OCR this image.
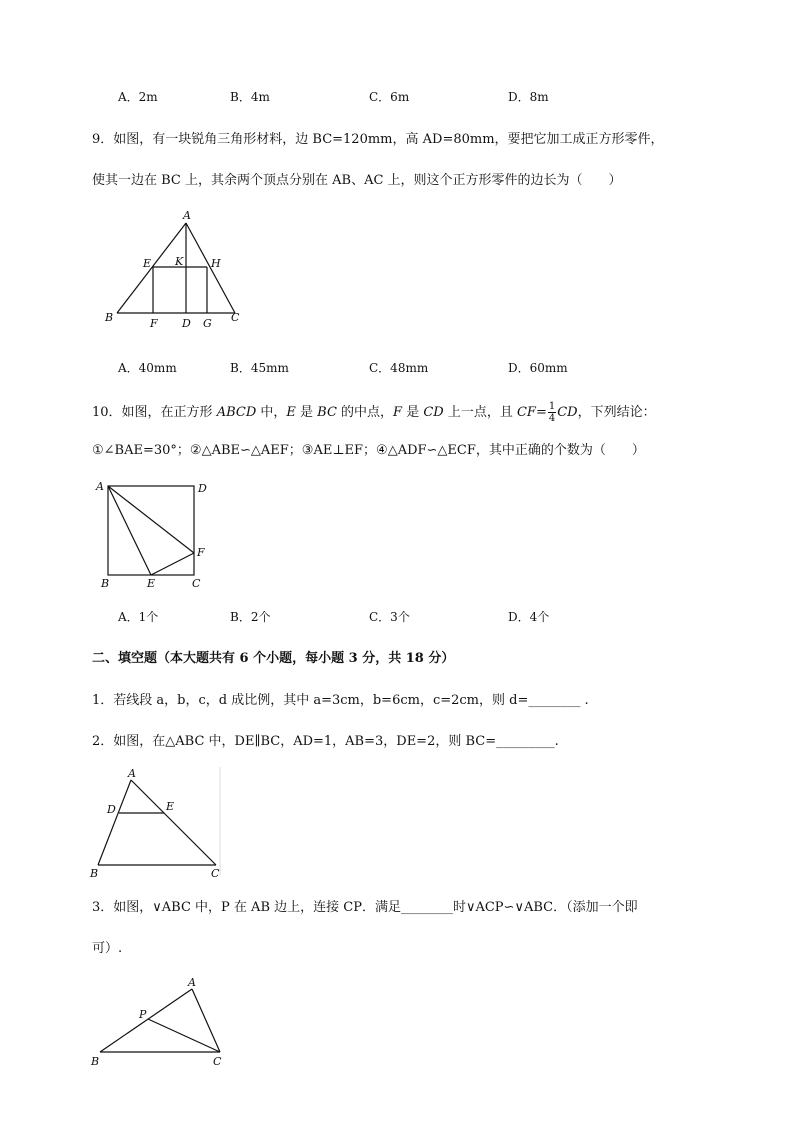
A．2m	B．4m	C．6m	D．8m
9．如图，有一块锐角三角形材料，边 BC=120mm，高 AD=80mm，要把它加工成正方形零件，
使其一边在 BC 上，其余两个顶点分别在 AB、AC 上，则这个正方形零件的边长为（　　）
A
E K	H
B	F D G C
A．40mm	B．45mm	C．48mm	D．60mm
10．如图，在正方形 ABCD 中，E 是 BC 的中点，F 是 CD 上一点，且 $CF= \frac{1}{4}$ CD，下列结论：
①∠BAE=30°；②△ABE∽△AEF；③AE⊥EF；④△ADF∽△ECF，其中正确的个数为（　　）
A	D
F
B	E	C
A．1个	B．2个	C．3个	D．4个
二、填空题（本大题共有 6 个小题，每小题 3 分，共 18 分）
1．若线段 a，b，c，d 成比例，其中 a=3cm，b=6cm，c=2cm，则 d=________ .
2．如图，在△ABC 中，DE∥BC，AD=1，AB=3，DE=2，则 BC=_________.
A
D	E
B	C
3．如图，∨ABC 中，P 在 AB 边上，连接 CP．满足________时∨ACP∽∨ABC．（添加一个即
可）.
A
P
B	C
